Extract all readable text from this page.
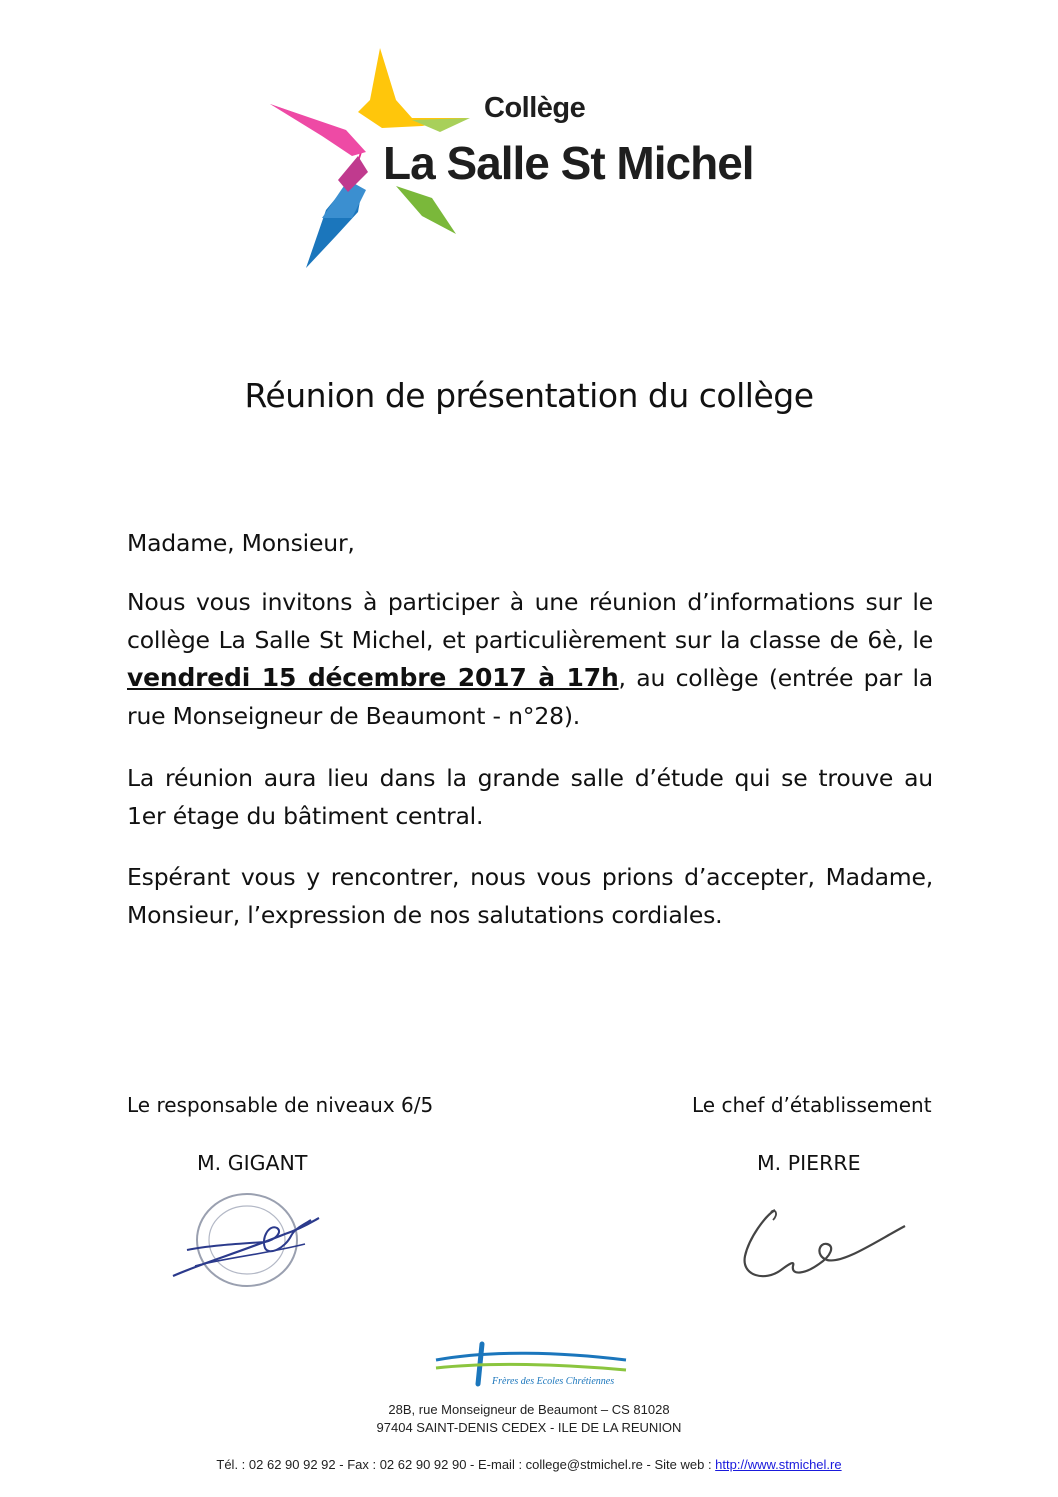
Collège
La Salle St Michel
Réunion de présentation du collège

Madame, Monsieur,

Nous vous invitons à participer à une réunion d’informations sur le collège La Salle St Michel, et particulièrement sur la classe de 6è, le vendredi 15 décembre 2017 à 17h, au collège (entrée par la rue Monseigneur de Beaumont - n°28).

La réunion aura lieu dans la grande salle d’étude qui se trouve au 1er étage du bâtiment central.

Espérant vous y rencontrer, nous vous prions d’accepter, Madame, Monsieur, l’expression de nos salutations cordiales.

Le responsable de niveaux 6/5	Le chef d’établissement
M. GIGANT	M. PIERRE
Frères des Ecoles Chrétiennes
28B, rue Monseigneur de Beaumont – CS 81028
97404 SAINT-DENIS CEDEX - ILE DE LA REUNION
Tél. : 02 62 90 92 92 - Fax : 02 62 90 92 90 - E-mail : college@stmichel.re - Site web : http://www.stmichel.re
